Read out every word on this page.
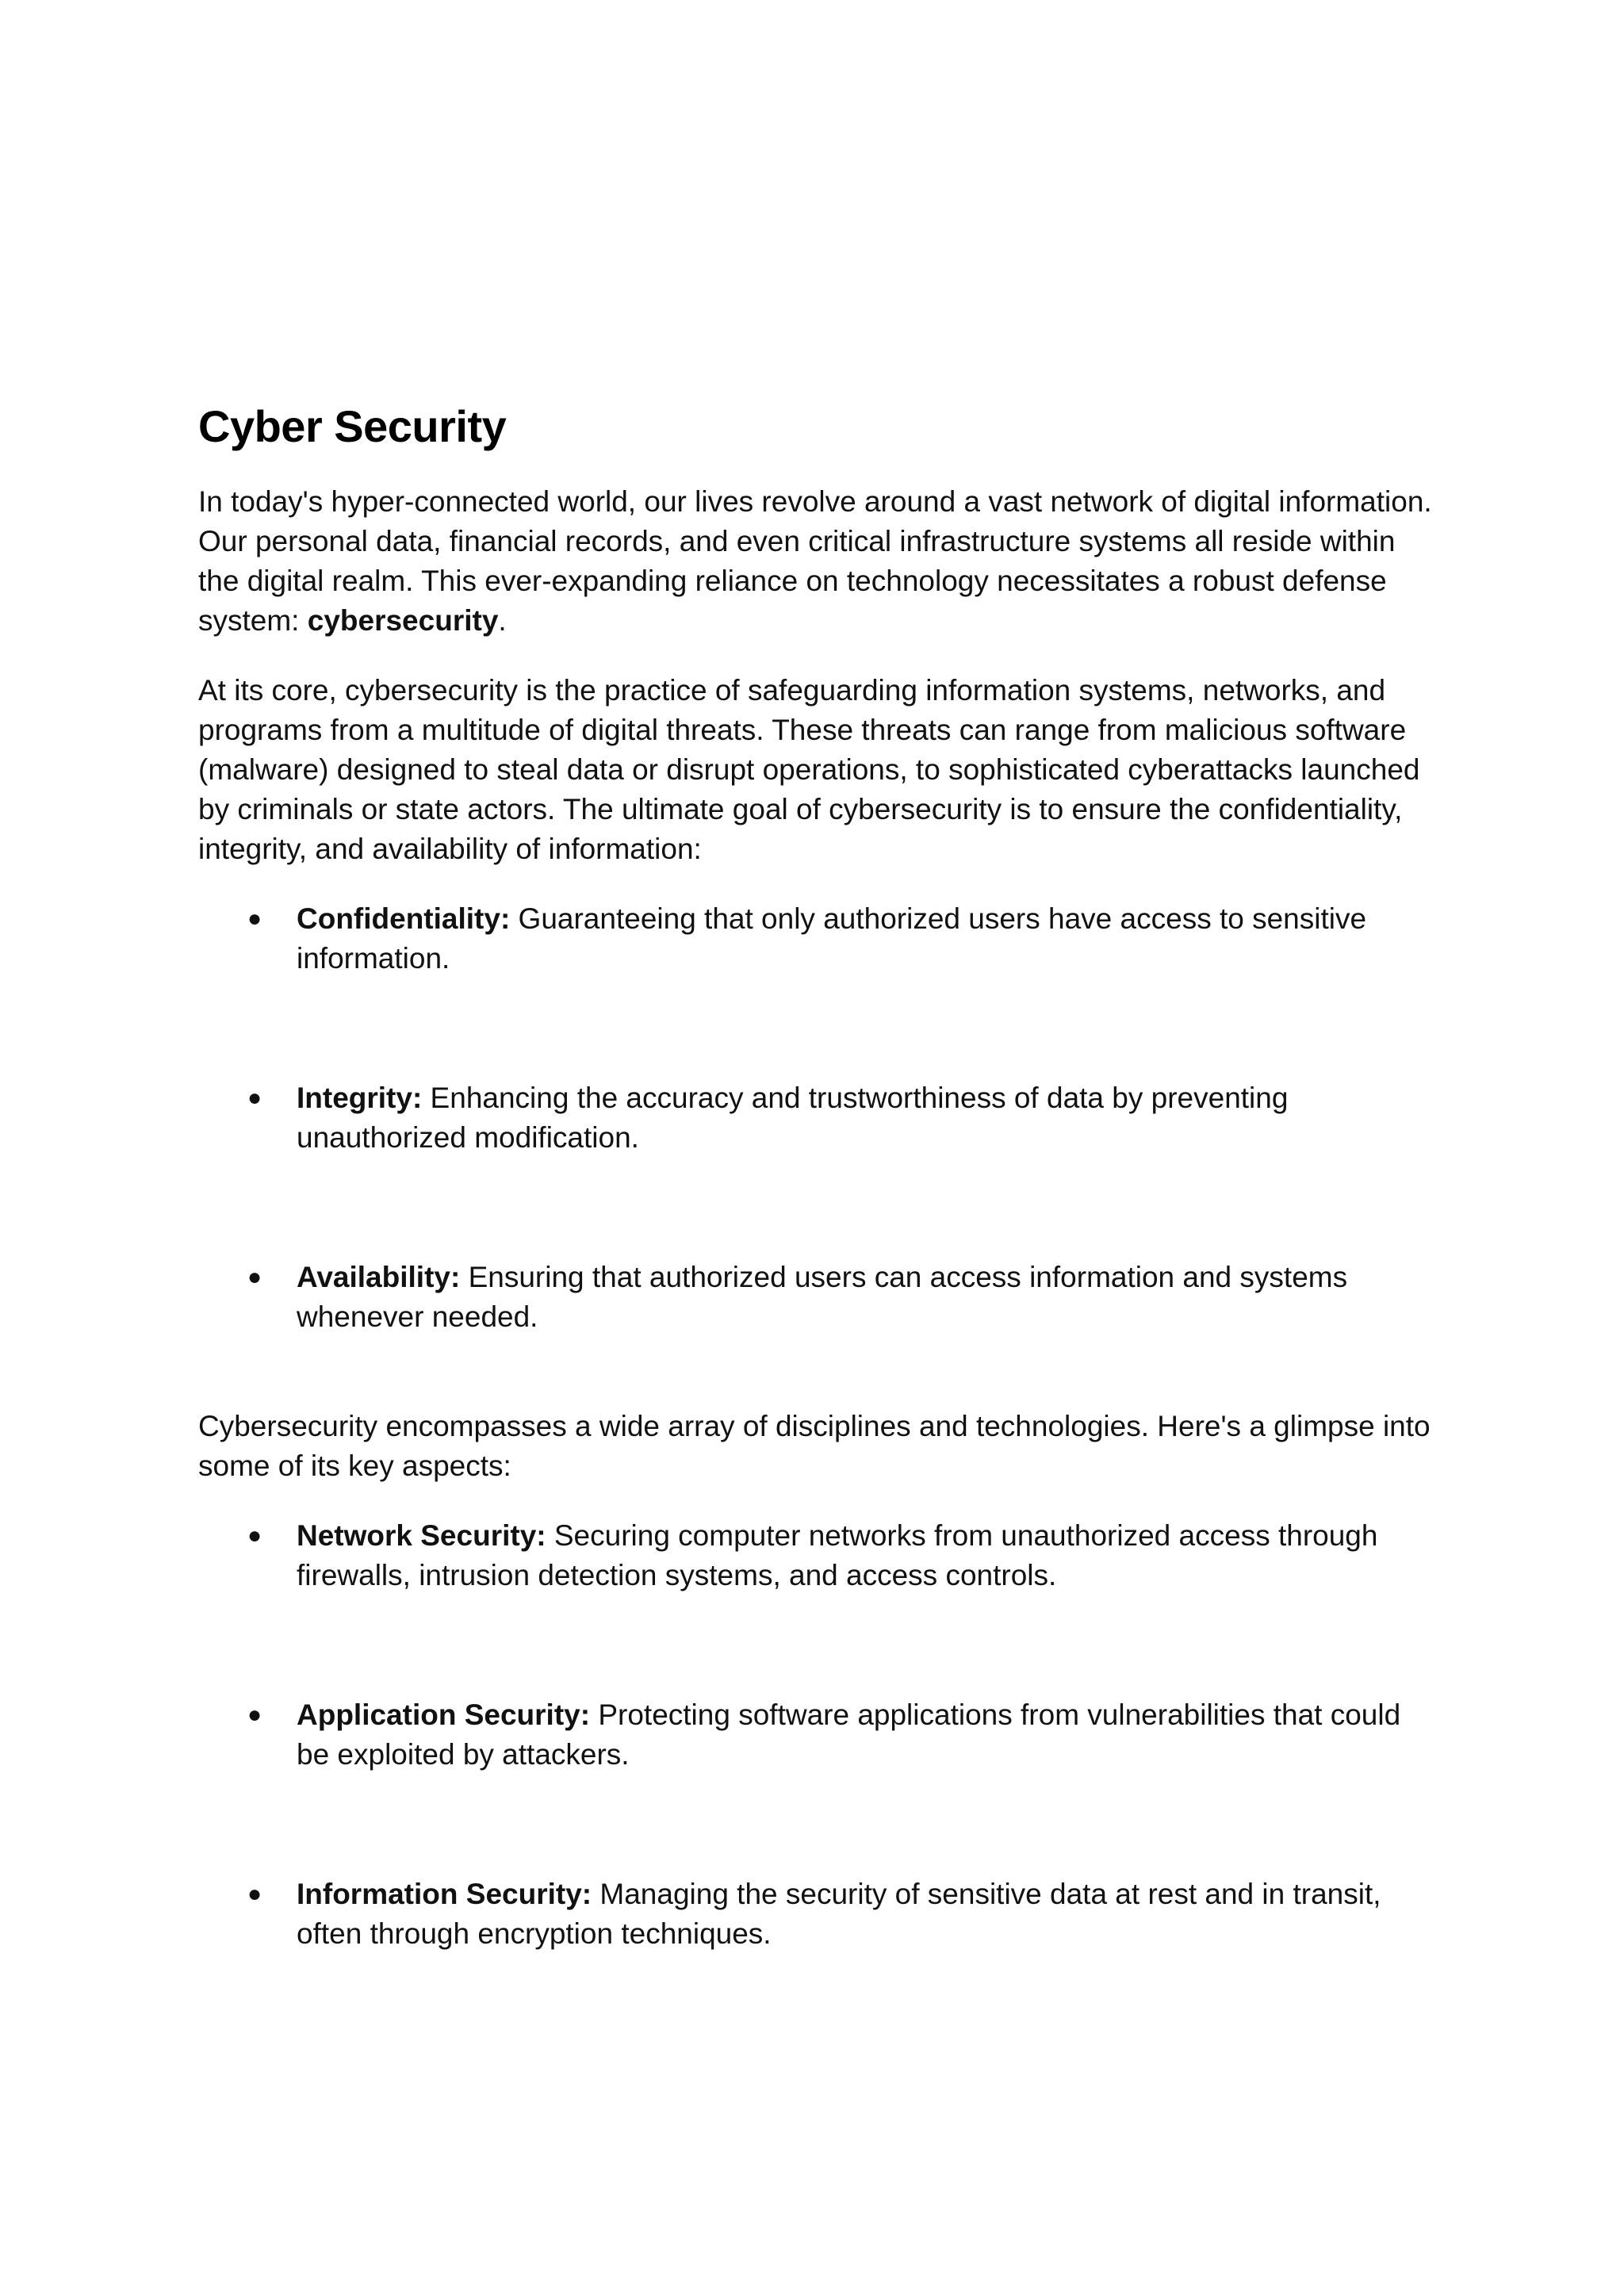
Cyber Security

In today's hyper-connected world, our lives revolve around a vast network of digital information. Our personal data, financial records, and even critical infrastructure systems all reside within the digital realm. This ever-expanding reliance on technology necessitates a robust defense system: cybersecurity.

At its core, cybersecurity is the practice of safeguarding information systems, networks, and programs from a multitude of digital threats. These threats can range from malicious software (malware) designed to steal data or disrupt operations, to sophisticated cyberattacks launched by criminals or state actors. The ultimate goal of cybersecurity is to ensure the confidentiality, integrity, and availability of information:

● Confidentiality: Guaranteeing that only authorized users have access to sensitive information.
● Integrity: Enhancing the accuracy and trustworthiness of data by preventing unauthorized modification.
● Availability: Ensuring that authorized users can access information and systems whenever needed.

Cybersecurity encompasses a wide array of disciplines and technologies. Here's a glimpse into some of its key aspects:

● Network Security: Securing computer networks from unauthorized access through firewalls, intrusion detection systems, and access controls.
● Application Security: Protecting software applications from vulnerabilities that could be exploited by attackers.
● Information Security: Managing the security of sensitive data at rest and in transit, often through encryption techniques.
